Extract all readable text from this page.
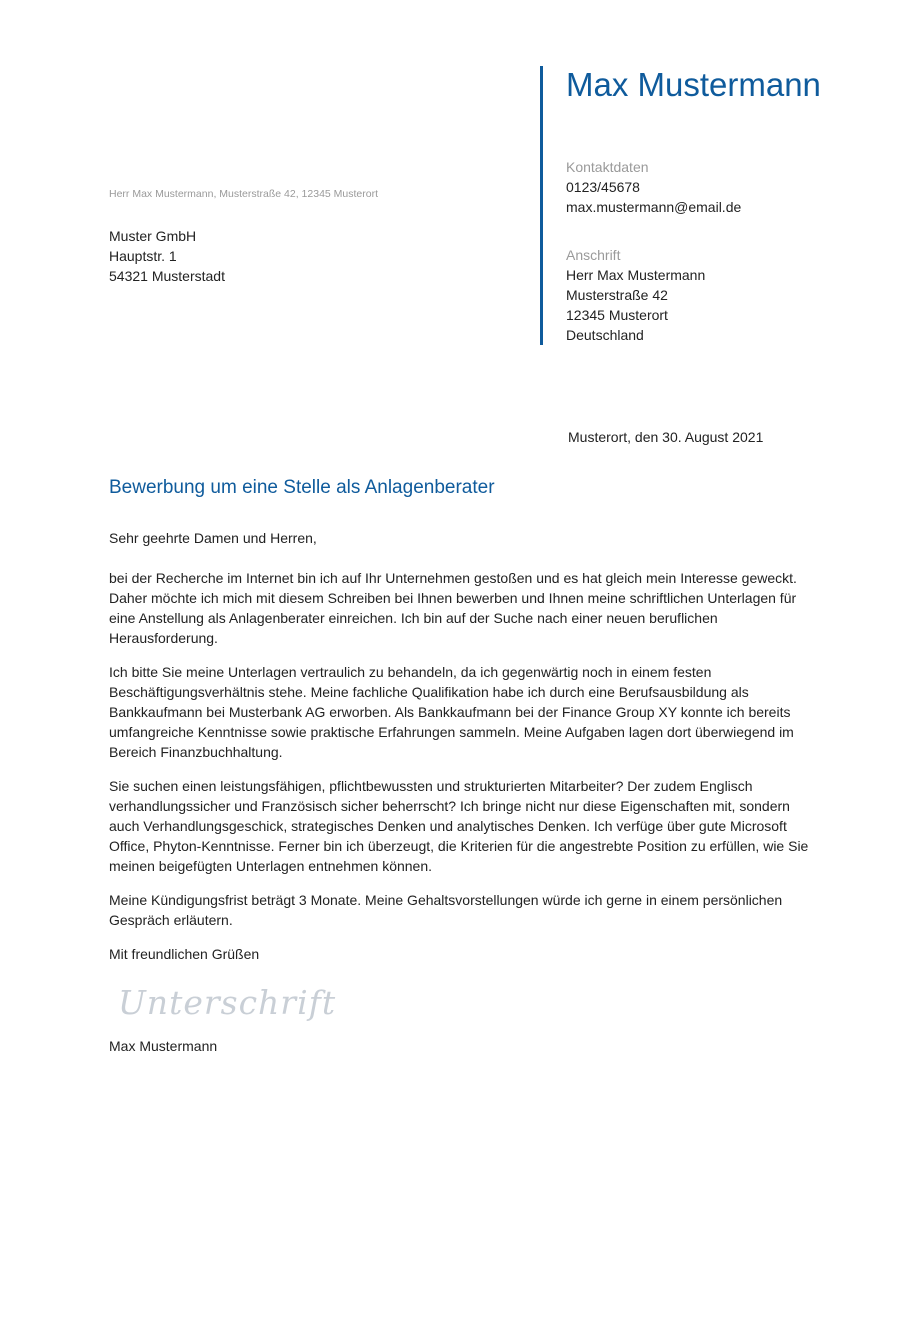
Max Mustermann
Kontaktdaten
0123/45678
max.mustermann@email.de
Anschrift
Herr Max Mustermann
Musterstraße 42
12345 Musterort
Deutschland
Herr Max Mustermann, Musterstraße 42, 12345 Musterort
Muster GmbH
Hauptstr. 1
54321 Musterstadt
Musterort, den 30. August 2021
Bewerbung um eine Stelle als Anlagenberater
Sehr geehrte Damen und Herren,
bei der Recherche im Internet bin ich auf Ihr Unternehmen gestoßen und es hat gleich mein Interesse geweckt.
Daher möchte ich mich mit diesem Schreiben bei Ihnen bewerben und Ihnen meine schriftlichen Unterlagen für
eine Anstellung als Anlagenberater einreichen. Ich bin auf der Suche nach einer neuen beruflichen
Herausforderung.
Ich bitte Sie meine Unterlagen vertraulich zu behandeln, da ich gegenwärtig noch in einem festen
Beschäftigungsverhältnis stehe. Meine fachliche Qualifikation habe ich durch eine Berufsausbildung als
Bankkaufmann bei Musterbank AG erworben. Als Bankkaufmann bei der Finance Group XY konnte ich bereits
umfangreiche Kenntnisse sowie praktische Erfahrungen sammeln. Meine Aufgaben lagen dort überwiegend im
Bereich Finanzbuchhaltung.
Sie suchen einen leistungsfähigen, pflichtbewussten und strukturierten Mitarbeiter? Der zudem Englisch
verhandlungssicher und Französisch sicher beherrscht? Ich bringe nicht nur diese Eigenschaften mit, sondern
auch Verhandlungsgeschick, strategisches Denken und analytisches Denken. Ich verfüge über gute Microsoft
Office, Phyton-Kenntnisse. Ferner bin ich überzeugt, die Kriterien für die angestrebte Position zu erfüllen, wie Sie
meinen beigefügten Unterlagen entnehmen können.
Meine Kündigungsfrist beträgt 3 Monate. Meine Gehaltsvorstellungen würde ich gerne in einem persönlichen
Gespräch erläutern.
Mit freundlichen Grüßen
Unterschrift
Max Mustermann
